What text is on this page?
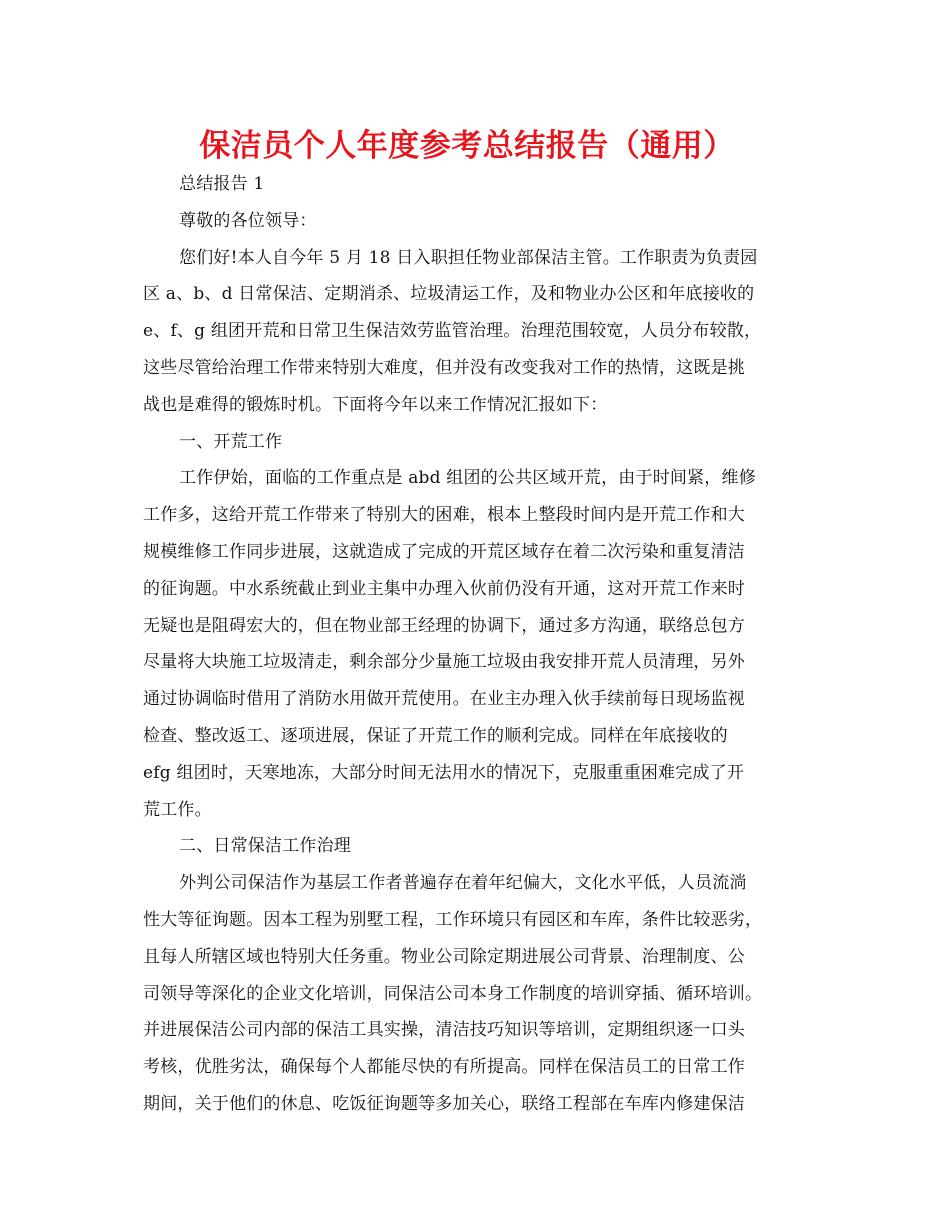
保洁员个人年度参考总结报告（通用）
总结报告 1
尊敬的各位领导：
您们好!本人自今年 5 月 18 日入职担任物业部保洁主管。工作职责为负责园
区 a、b、d 日常保洁、定期消杀、垃圾清运工作，及和物业办公区和年底接收的
e、f、g 组团开荒和日常卫生保洁效劳监管治理。治理范围较宽，人员分布较散，
这些尽管给治理工作带来特别大难度，但并没有改变我对工作的热情，这既是挑
战也是难得的锻炼时机。下面将今年以来工作情况汇报如下：
一、开荒工作
工作伊始，面临的工作重点是 abd 组团的公共区域开荒，由于时间紧，维修
工作多，这给开荒工作带来了特别大的困难，根本上整段时间内是开荒工作和大
规模维修工作同步进展，这就造成了完成的开荒区域存在着二次污染和重复清洁
的征询题。中水系统截止到业主集中办理入伙前仍没有开通，这对开荒工作来时
无疑也是阻碍宏大的，但在物业部王经理的协调下，通过多方沟通，联络总包方
尽量将大块施工垃圾清走，剩余部分少量施工垃圾由我安排开荒人员清理，另外
通过协调临时借用了消防水用做开荒使用。在业主办理入伙手续前每日现场监视
检查、整改返工、逐项进展，保证了开荒工作的顺利完成。同样在年底接收的
efg 组团时，天寒地冻，大部分时间无法用水的情况下，克服重重困难完成了开
荒工作。
二、日常保洁工作治理
外判公司保洁作为基层工作者普遍存在着年纪偏大，文化水平低，人员流淌
性大等征询题。因本工程为别墅工程，工作环境只有园区和车库，条件比较恶劣，
且每人所辖区域也特别大任务重。物业公司除定期进展公司背景、治理制度、公
司领导等深化的企业文化培训，同保洁公司本身工作制度的培训穿插、循环培训。
并进展保洁公司内部的保洁工具实操，清洁技巧知识等培训，定期组织逐一口头
考核，优胜劣汰，确保每个人都能尽快的有所提高。同样在保洁员工的日常工作
期间，关于他们的休息、吃饭征询题等多加关心，联络工程部在车库内修建保洁
